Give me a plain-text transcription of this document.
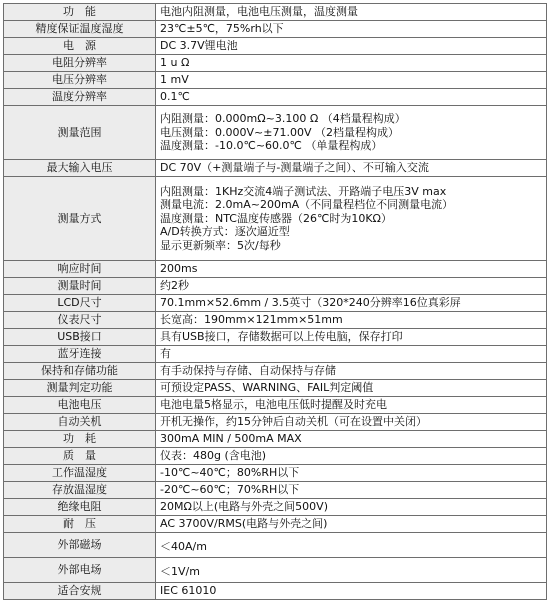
功　能	电池内阻测量，电池电压测量，温度测量

精度保证温度湿度	23℃±5℃，75%rh以下

电　源	DC 3.7V锂电池

电阻分辨率	1 u Ω

电压分辨率	1 mV

温度分辨率	0.1℃

测量范围	内阻测量：0.000mΩ~3.100 Ω （4档量程构成）
电压测量：0.000V~±71.00V （2档量程构成）
温度测量：-10.0℃~60.0℃ （单量程构成）

最大输入电压	DC 70V（+测量端子与-测量端子之间）、不可输入交流

测量方式	内阻测量：1KHz交流4端子测试法、开路端子电压3V max
测量电流：2.0mA~200mA（不同量程档位不同测量电流）
温度测量：NTC温度传感器（26℃时为10KΩ）
A/D转换方式：逐次逼近型
显示更新频率：5次/每秒

响应时间	200ms

测量时间	约2秒

LCD尺寸	70.1mm×52.6mm / 3.5英寸（320*240分辨率16位真彩屏

仪表尺寸	长宽高：190mm×121mm×51mm

USB接口	具有USB接口，存储数据可以上传电脑，保存打印

蓝牙连接	有

保持和存储功能	有手动保持与存储、自动保持与存储

测量判定功能	可预设定PASS、WARNING、FAIL判定阈值

电池电压	电池电量5格显示，电池电压低时提醒及时充电

自动关机	开机无操作，约15分钟后自动关机（可在设置中关闭）

功　耗	300mA MIN / 500mA MAX

质　量	仪表：480g (含电池)

工作温湿度	-10℃~40℃；80%RH以下

存放温湿度	-20℃~60℃；70%RH以下

绝缘电阻	20MΩ以上(电路与外壳之间500V)

耐　压	AC 3700V/RMS(电路与外壳之间)

外部磁场	＜40A/m

外部电场	＜1V/m

适合安规	IEC 61010
